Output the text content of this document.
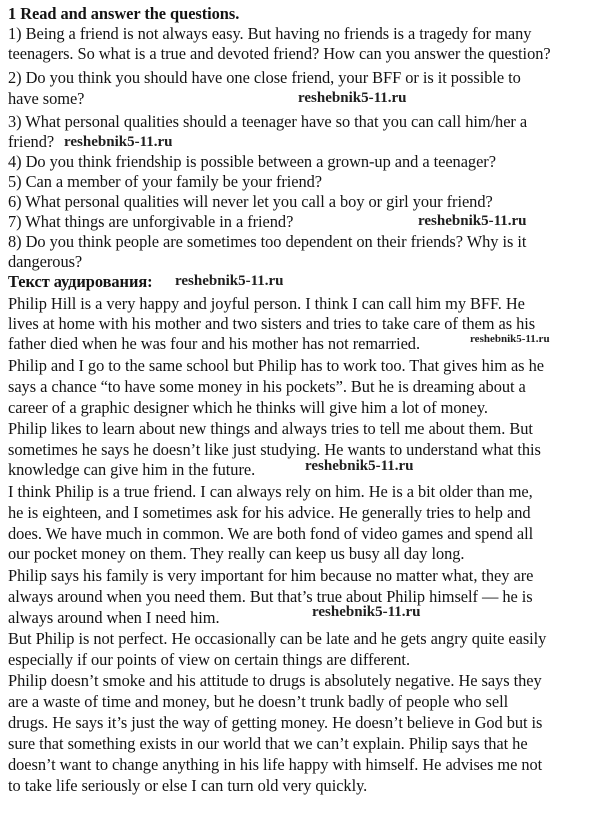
1 Read and answer the questions.
1) Being a friend is not always easy. But having no friends is a tragedy for many
teenagers. So what is a true and devoted friend? How can you answer the question?
2) Do you think you should have one close friend, your BFF or is it possible to
have some?
3) What personal qualities should a teenager have so that you can call him/her a
friend?
4) Do you think friendship is possible between a grown-up and a teenager?
5) Can a member of your family be your friend?
6) What personal qualities will never let you call a boy or girl your friend?
7) What things are unforgivable in a friend?
8) Do you think people are sometimes too dependent on their friends? Why is it
dangerous?
Текст аудирования:
Philip Hill is a very happy and joyful person. I think I can call him my BFF. He
lives at home with his mother and two sisters and tries to take care of them as his
father died when he was four and his mother has not remarried.
Philip and I go to the same school but Philip has to work too. That gives him as he
says a chance “to have some money in his pockets”. But he is dreaming about a
career of a graphic designer which he thinks will give him a lot of money.
Philip likes to learn about new things and always tries to tell me about them. But
sometimes he says he doesn’t like just studying. He wants to understand what this
knowledge can give him in the future.
I think Philip is a true friend. I can always rely on him. He is a bit older than me,
he is eighteen, and I sometimes ask for his advice. He generally tries to help and
does. We have much in common. We are both fond of video games and spend all
our pocket money on them. They really can keep us busy all day long.
Philip says his family is very important for him because no matter what, they are
always around when you need them. But that’s true about Philip himself — he is
always around when I need him.
But Philip is not perfect. He occasionally can be late and he gets angry quite easily
especially if our points of view on certain things are different.
Philip doesn’t smoke and his attitude to drugs is absolutely negative. He says they
are a waste of time and money, but he doesn’t trunk badly of people who sell
drugs. He says it’s just the way of getting money. He doesn’t believe in God but is
sure that something exists in our world that we can’t explain. Philip says that he
doesn’t want to change anything in his life happy with himself. He advises me not
to take life seriously or else I can turn old very quickly.
reshebnik5-11.ru
reshebnik5-11.ru
reshebnik5-11.ru
reshebnik5-11.ru
reshebnik5-11.ru
reshebnik5-11.ru
reshebnik5-11.ru
